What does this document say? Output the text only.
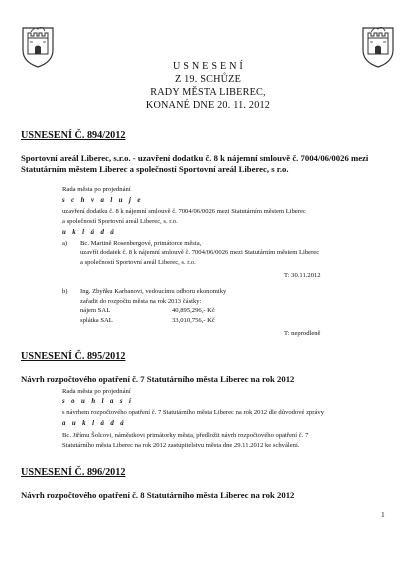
U S N E S E N Í
Z 19. SCHŮZE
RADY MĚSTA LIBEREC,
KONANÉ DNE 20. 11. 2012
USNESENÍ Č. 894/2012
Sportovní areál Liberec, s.r.o. - uzavření dodatku č. 8 k nájemní smlouvě č. 7004/06/0026 mezi Statutárním městem Liberec a společností Sportovní areál Liberec, s r.o.
Rada města po projednání
s c h v a l u j e
uzavření dodatku č. 8 k nájemní smlouvě č. 7004/06/0026 mezi Statutárním městem Liberec
a společností Sportovní areál Liberec, s. r.o.
u k l á d á
a) Bc. Martině Rosenbergové, primátorce města,
uzavřít dodatek č. 8 k nájemní smlouvě č. 7004/06/0026 mezi Statutárním městem Liberec
a společností Sportovní areál Liberec, s. r.o.
T: 30.11.2012
b) Ing. Zbyňku Karbanovi, vedoucímu odboru ekonomiky
zařadit do rozpočtu města na rok 2013 částky:
nájem SAL	40,895,296,- Kč
splátka SAL	33,010,756,- Kč
T: neprodleně
USNESENÍ Č. 895/2012
Návrh rozpočtového opatření č. 7 Statutárního města Liberec na rok 2012
Rada města po projednání
s o u h l a s í
s návrhem rozpočtového opatření č. 7 Statutárního města Liberec na rok 2012 dle důvodové zprávy
a u k l á d á
Bc. Jiřímu Šolcovi, náměstkovi primátorky města, předložit návrh rozpočtového opatření č. 7
Statutárního města Liberec na rok 2012 zastupitelstvu města dne 29.11.2012 ke schválení.
USNESENÍ Č. 896/2012
Návrh rozpočtového opatření č. 8 Statutárního města Liberec na rok 2012
1
